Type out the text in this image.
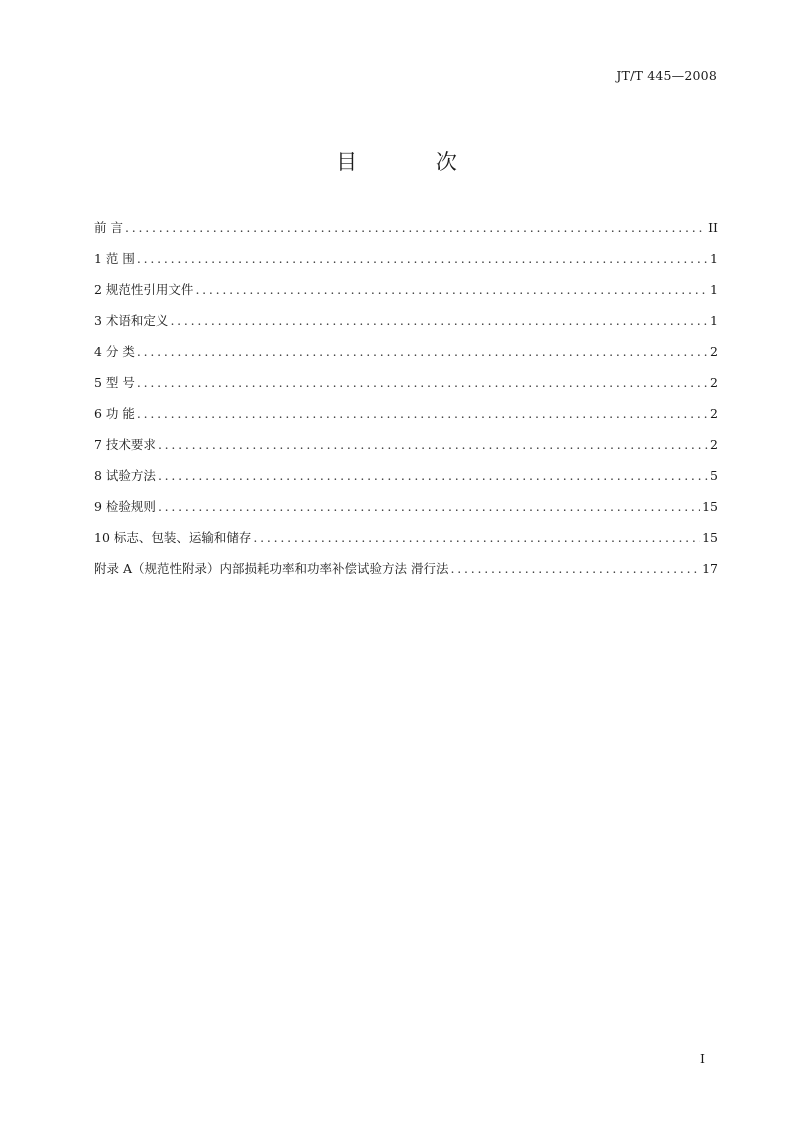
JT/T 445—2008
目 次
前 言 . . .	II
1 范 围 . . .	1
2 规范性引用文件 . . .	1
3 术语和定义 . . .	1
4 分 类 . . .	2
5 型 号 . . .	2
6 功 能 . . .	2
7 技术要求 . . .	2
8 试验方法 . . .	5
9 检验规则 . . .	15
10 标志、包装、运输和储存 . . .	15
附录 A（规范性附录）内部损耗功率和功率补偿试验方法 滑行法 . . .	17
I
